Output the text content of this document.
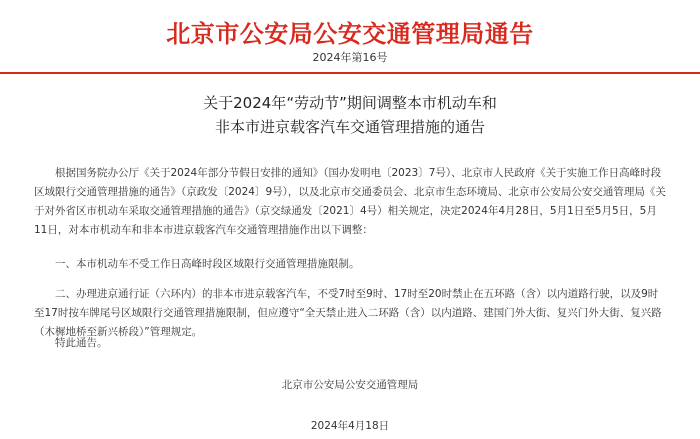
北京市公安局公安交通管理局通告
2024年第16号
关于2024年“劳动节”期间调整本市机动车和
非本市进京载客汽车交通管理措施的通告

根据国务院办公厅《关于2024年部分节假日安排的通知》（国办发明电〔2023〕7号）、北京市人民政府《关于实施工作日高峰时段区域限行交通管理措施的通告》（京政发〔2024〕9号），以及北京市交通委员会、北京市生态环境局、北京市公安局公安交通管理局《关于对外省区市机动车采取交通管理措施的通告》（京交绿通发〔2021〕4号）相关规定，决定2024年4月28日，5月1日至5月5日，5月11日，对本市机动车和非本市进京载客汽车交通管理措施作出以下调整：

一、本市机动车不受工作日高峰时段区域限行交通管理措施限制。

二、办理进京通行证（六环内）的非本市进京载客汽车，不受7时至9时、17时至20时禁止在五环路（含）以内道路行驶，以及9时至17时按车牌尾号区域限行交通管理措施限制，但应遵守“全天禁止进入二环路（含）以内道路、建国门外大街、复兴门外大街、复兴路（木樨地桥至新兴桥段）”管理规定。

特此通告。

北京市公安局公安交通管理局
2024年4月18日
